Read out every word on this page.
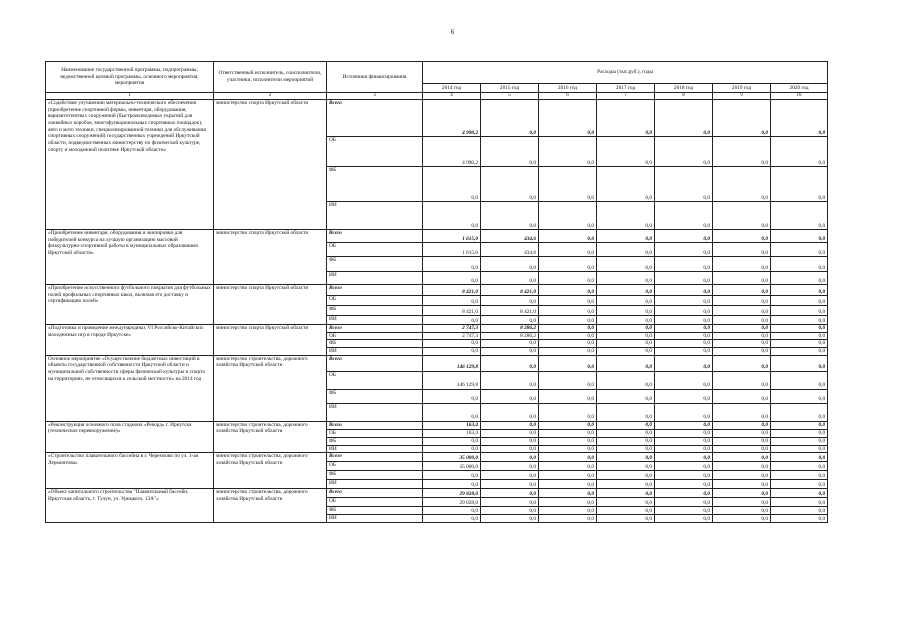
6
Наименование государственной программы, подпрограммы, ведомственной целевой программы, основного мероприятия, мероприятия	Ответственный исполнитель, соисполнители, участники, исполнители мероприятий	Источники финансирования	Расходы (тыс.руб.), годы						
			2014 год	2015 год	2016 год	2017 год	2018 год	2019 год	2020 год
1	2	3	4	5	6	7	8	9	10
«Содействие улучшению материально-технического обеспечения (приобретение спортивной формы, инвентаря, оборудования, вариантотентных сооружений (быстровозводимых укрытий для хоккейных коробок, многофункциональных спортивных площадок), авто и мото техники, специализированной техники для обслуживания спортивных сооружений) государственных учреждений Иркутской области, подведомственных министерству по физической культуре, спорту и молодежной политике Иркутской области»	министерство спорта Иркутской области	Всего	4 990,2	0,0	0,0	0,0	0,0	0,0	0,0
		ОБ	4 990,2	0,0	0,0	0,0	0,0	0,0	0,0
		ФБ	0,0	0,0	0,0	0,0	0,0	0,0	0,0
		ИИ	0,0	0,0	0,0	0,0	0,0	0,0	0,0
«Приобретение инвентаря, оборудования и экипировки для победителей конкурса на лучшую организацию массовой физкультурно-спортивной работы в муниципальных образованиях Иркутской области»	министерство спорта Иркутской области	Всего	1 615,0	434,6	0,0	0,0	0,0	0,0	0,0
		ОБ	1 615,0	434,6	0,0	0,0	0,0	0,0	0,0
		ФБ	0,0	0,0	0,0	0,0	0,0	0,0	0,0
		ИИ	0,0	0,0	0,0	0,0	0,0	0,0	0,0
«Приобретение искусственного футбольного покрытия для футбольных полей профильных спортивных школ, включая его доставку и сертификацию полей»	министерство спорта Иркутской области	Всего	8 421,0	8 421,0	0,0	0,0	0,0	0,0	0,0
		ОБ	0,0	0,0	0,0	0,0	0,0	0,0	0,0
		ФБ	8 421,0	8 421,0	0,0	0,0	0,0	0,0	0,0
		ИИ	0,0	0,0	0,0	0,0	0,0	0,0	0,0
«Подготовка и проведение международных VI Российско-Китайских молодежных игр в городе Иркутске»	министерство спорта Иркутской области	Всего	2 747,3	8 286,2	0,0	0,0	0,0	0,0	0,0
		ОБ	2 747,3	8 286,2	0,0	0,0	0,0	0,0	0,0
		ФБ	0,0	0,0	0,0	0,0	0,0	0,0	0,0
		ИИ	0,0	0,0	0,0	0,0	0,0	0,0	0,0
Основное мероприятие «Осуществление бюджетных инвестиций в объекты государственной собственности Иркутской области и муниципальной собственности сферы физической культуры и спорта на территориях, не относящихся к сельской местности» на 2014 год	министерство строительства, дорожного хозяйства Иркутской области	Всего	146 129,8	0,0	0,0	0,0	0,0	0,0	0,0
		ОБ	146 129,8	0,0	0,0	0,0	0,0	0,0	0,0
		ФБ	0,0	0,0	0,0	0,0	0,0	0,0	0,0
		ИИ	0,0	0,0	0,0	0,0	0,0	0,0	0,0
«Реконструкция основного поля стадиона «Рекорд» г. Иркутска (техническое перевооружение)»	министерство строительства, дорожного хозяйства Иркутской области	Всего	163,4	0,0	0,0	0,0	0,0	0,0	0,0
		ОБ	163,4	0,0	0,0	0,0	0,0	0,0	0,0
		ФБ	0,0	0,0	0,0	0,0	0,0	0,0	0,0
		ИИ	0,0	0,0	0,0	0,0	0,0	0,0	0,0
«Строительство плавательного бассейна в г. Черемхово по ул. 1-ая Лермонтова»	министерство строительства, дорожного хозяйства Иркутской области	Всего	35 000,0	0,0	0,0	0,0	0,0	0,0	0,0
		ОБ	35 000,0	0,0	0,0	0,0	0,0	0,0	0,0
		ФБ	0,0	0,0	0,0	0,0	0,0	0,0	0,0
		ИИ	0,0	0,0	0,0	0,0	0,0	0,0	0,0
«Объект капитального строительства "Плавательный бассейн, Иркутская область, г. Тулун, ул. Урицкого, 13А"»	министерство строительства, дорожного хозяйства Иркутской области	Всего	29 828,0	0,0	0,0	0,0	0,0	0,0	0,0
		ОБ	29 828,0	0,0	0,0	0,0	0,0	0,0	0,0
		ФБ	0,0	0,0	0,0	0,0	0,0	0,0	0,0
		ИИ	0,0	0,0	0,0	0,0	0,0	0,0	0,0
